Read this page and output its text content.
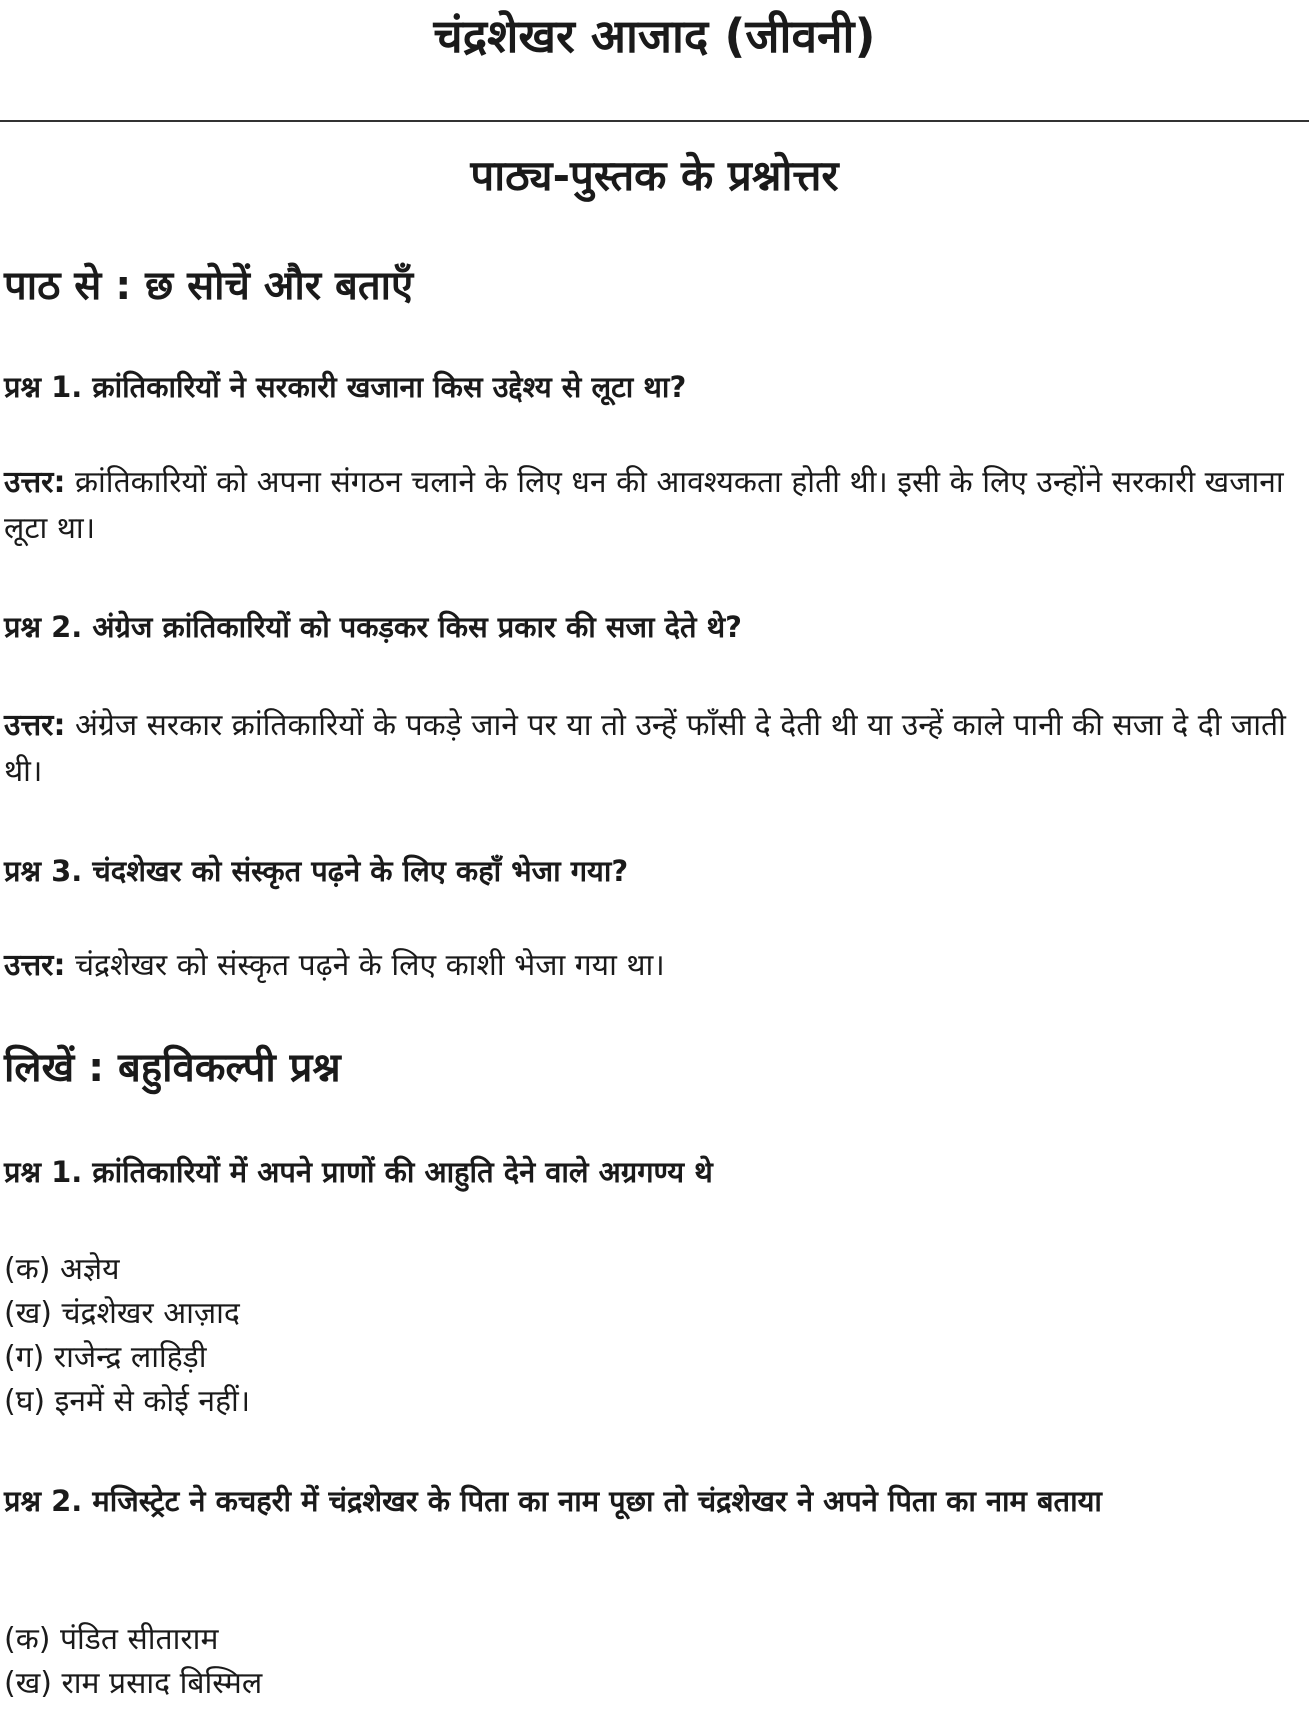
चंद्रशेखर आजाद (जीवनी)
पाठ्य-पुस्तक के प्रश्नोत्तर
पाठ से : छ सोचें और बताएँ

प्रश्न 1. क्रांतिकारियों ने सरकारी खजाना किस उद्देश्य से लूटा था?

उत्तर: क्रांतिकारियों को अपना संगठन चलाने के लिए धन की आवश्यकता होती थी। इसी के लिए उन्होंने सरकारी खजाना लूटा था।

प्रश्न 2. अंग्रेज क्रांतिकारियों को पकड़कर किस प्रकार की सजा देते थे?

उत्तर: अंग्रेज सरकार क्रांतिकारियों के पकड़े जाने पर या तो उन्हें फाँसी दे देती थी या उन्हें काले पानी की सजा दे दी जाती थी।

प्रश्न 3. चंदशेखर को संस्कृत पढ़ने के लिए कहाँ भेजा गया?

उत्तर: चंद्रशेखर को संस्कृत पढ़ने के लिए काशी भेजा गया था।

लिखें : बहुविकल्पी प्रश्न

प्रश्न 1. क्रांतिकारियों में अपने प्राणों की आहुति देने वाले अग्रगण्य थे

(क) अज्ञेय
(ख) चंद्रशेखर आज़ाद
(ग) राजेन्द्र लाहिड़ी
(घ) इनमें से कोई नहीं।

प्रश्न 2. मजिस्ट्रेट ने कचहरी में चंद्रशेखर के पिता का नाम पूछा तो चंद्रशेखर ने अपने पिता का नाम बताया

(क) पंडित सीताराम
(ख) राम प्रसाद बिस्मिल
